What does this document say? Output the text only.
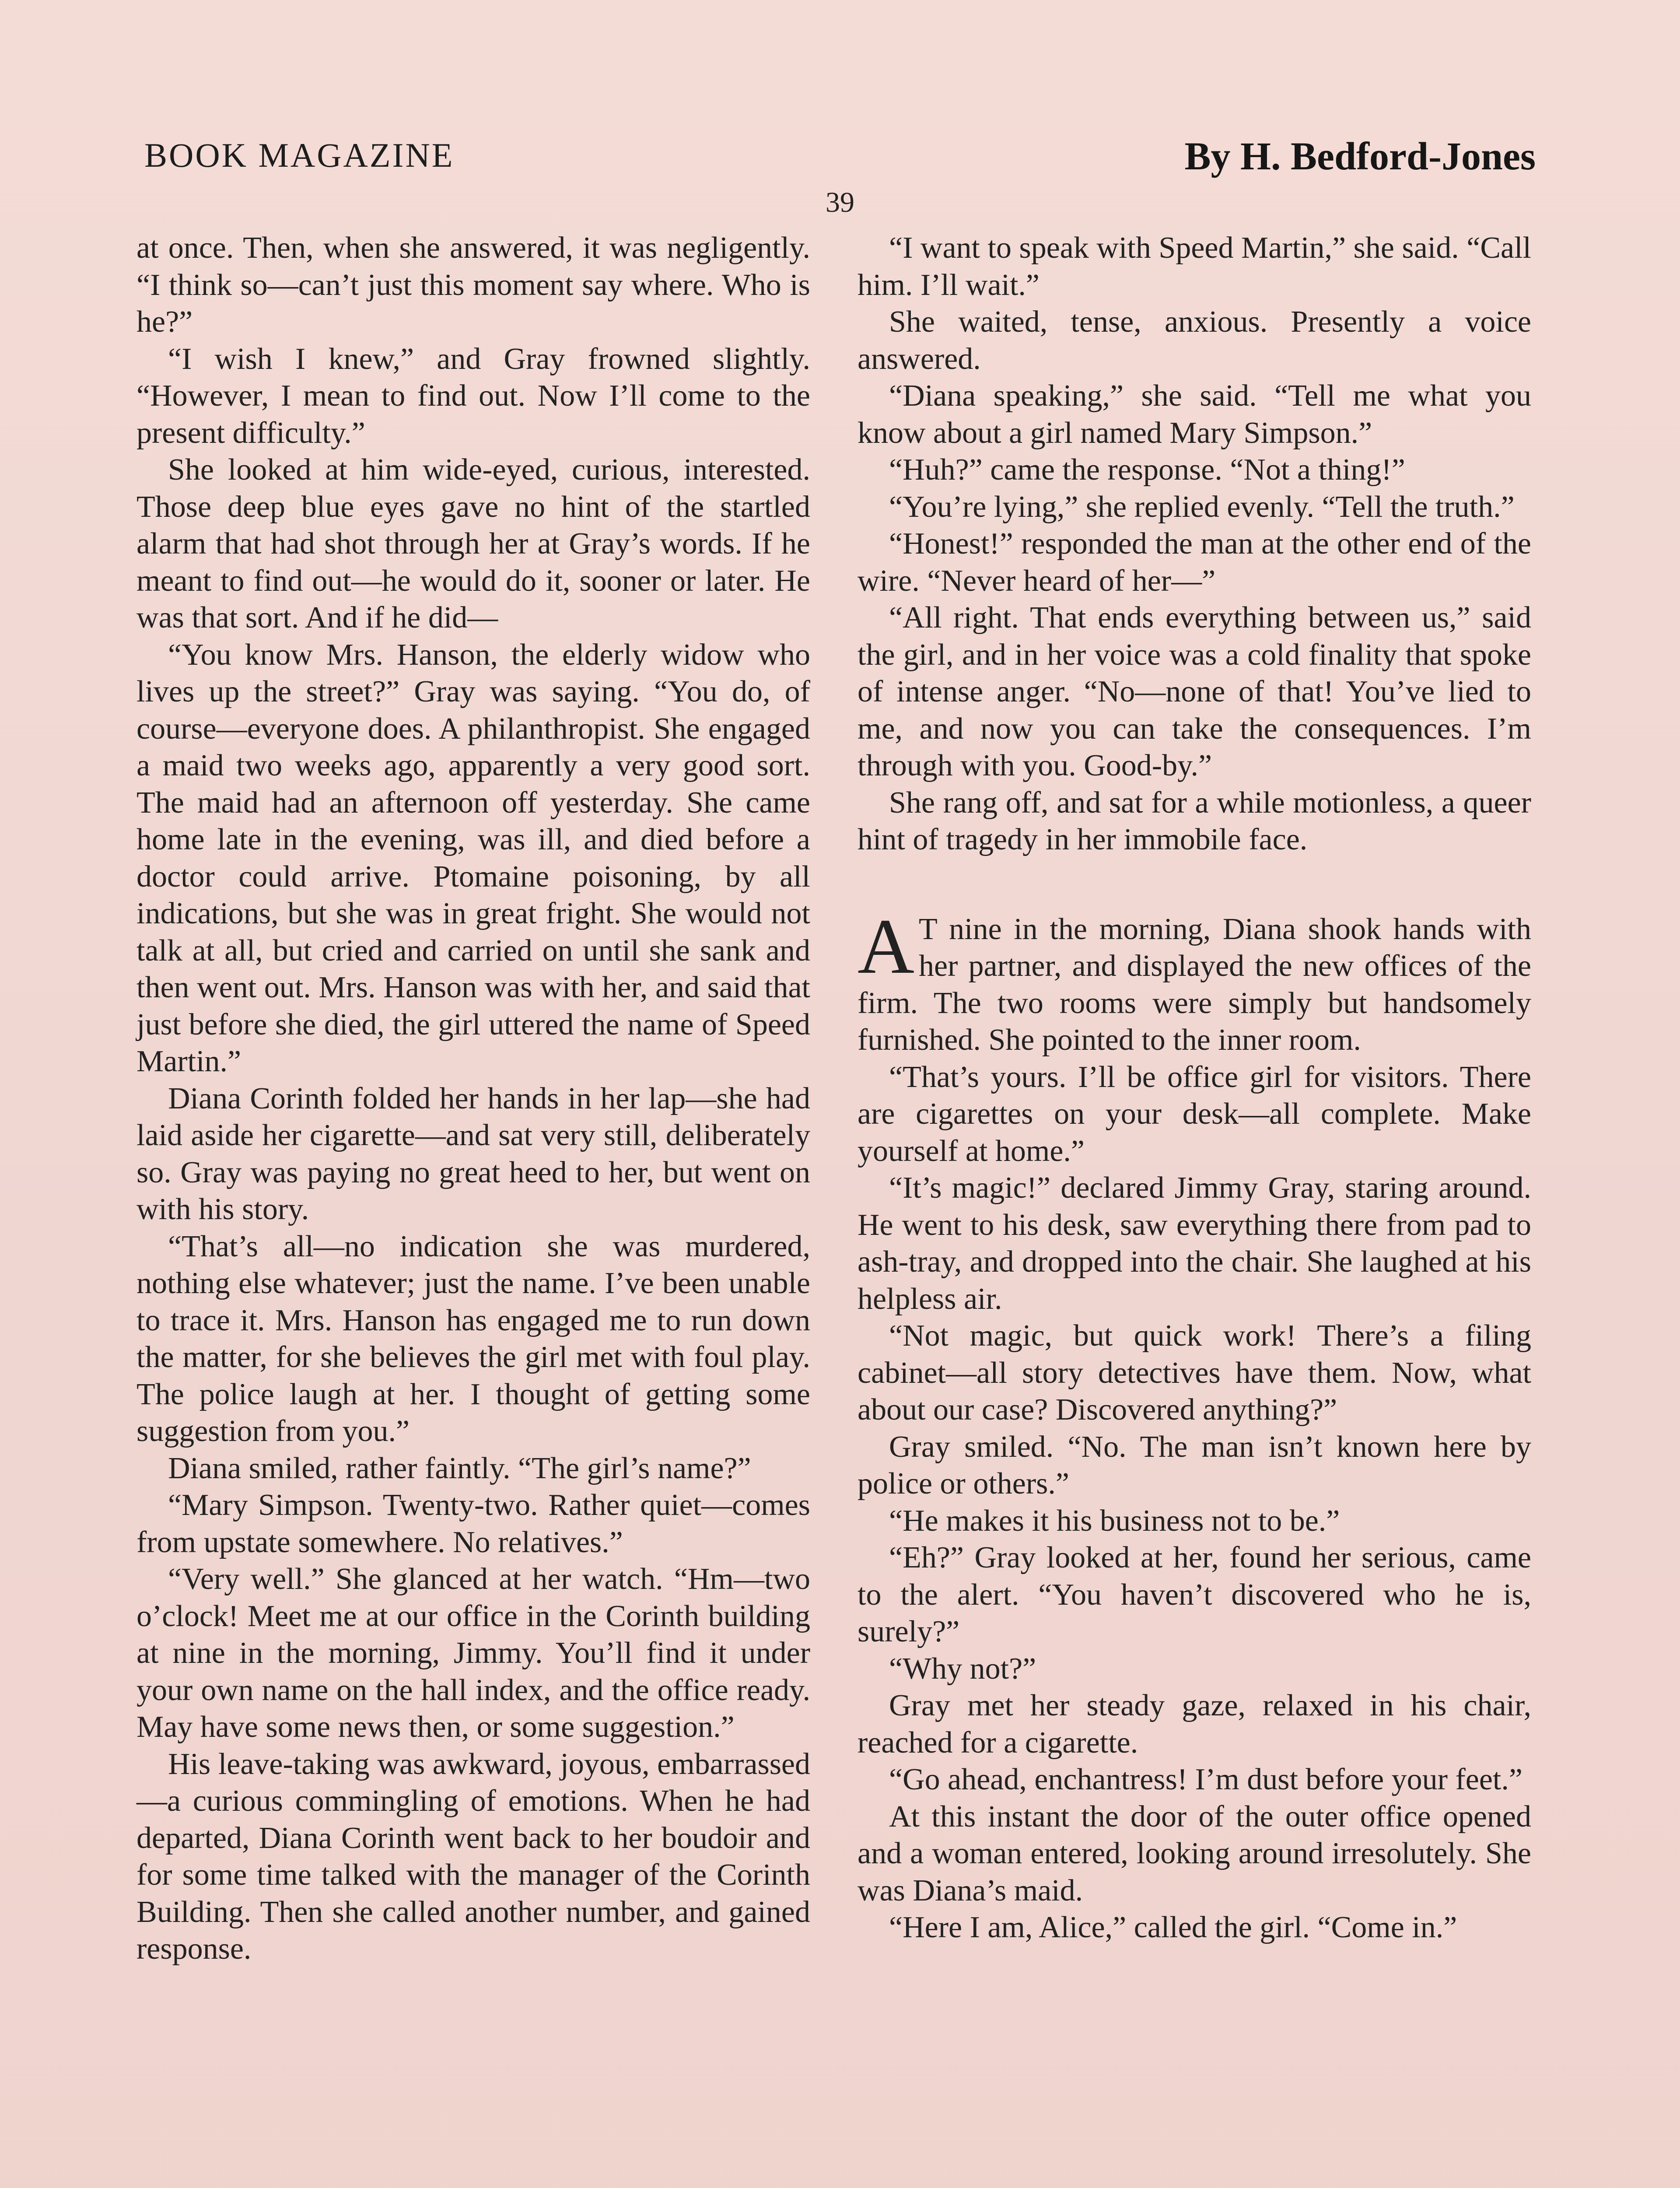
BOOK MAGAZINE	By H. Bedford-Jones
39

at once. Then, when she answered, it was negligently. “I think so—can’t just this moment say where. Who is he?”

“I wish I knew,” and Gray frowned slightly. “However, I mean to find out. Now I’ll come to the present difficulty.”

She looked at him wide-eyed, curious, interested. Those deep blue eyes gave no hint of the startled alarm that had shot through her at Gray’s words. If he meant to find out—he would do it, sooner or later. He was that sort. And if he did—

“You know Mrs. Hanson, the elderly widow who lives up the street?” Gray was saying. “You do, of course—everyone does. A philanthropist. She engaged a maid two weeks ago, apparently a very good sort. The maid had an afternoon off yesterday. She came home late in the evening, was ill, and died before a doctor could arrive. Ptomaine poisoning, by all indications, but she was in great fright. She would not talk at all, but cried and carried on until she sank and then went out. Mrs. Hanson was with her, and said that just before she died, the girl uttered the name of Speed Martin.”

Diana Corinth folded her hands in her lap—she had laid aside her cigarette—and sat very still, deliberately so. Gray was paying no great heed to her, but went on with his story.

“That’s all—no indication she was murdered, nothing else whatever; just the name. I’ve been unable to trace it. Mrs. Hanson has engaged me to run down the matter, for she believes the girl met with foul play. The police laugh at her. I thought of getting some suggestion from you.”

Diana smiled, rather faintly. “The girl’s name?”

“Mary Simpson. Twenty-two. Rather quiet—comes from upstate somewhere. No relatives.”

“Very well.” She glanced at her watch. “Hm—two o’clock! Meet me at our office in the Corinth building at nine in the morning, Jimmy. You’ll find it under your own name on the hall index, and the office ready. May have some news then, or some suggestion.”

His leave-taking was awkward, joyous, embarrassed—a curious commingling of emotions. When he had departed, Diana Corinth went back to her boudoir and for some time talked with the manager of the Corinth Building. Then she called another number, and gained response.

“I want to speak with Speed Martin,” she said. “Call him. I’ll wait.”

She waited, tense, anxious. Presently a voice answered.

“Diana speaking,” she said. “Tell me what you know about a girl named Mary Simpson.”

“Huh?” came the response. “Not a thing!”

“You’re lying,” she replied evenly. “Tell the truth.”

“Honest!” responded the man at the other end of the wire. “Never heard of her—”

“All right. That ends everything between us,” said the girl, and in her voice was a cold finality that spoke of intense anger. “No—none of that! You’ve lied to me, and now you can take the consequences. I’m through with you. Good-by.”

She rang off, and sat for a while motionless, a queer hint of tragedy in her immobile face.

A T nine in the morning, Diana shook hands with her partner, and displayed the new offices of the firm. The two rooms were simply but handsomely furnished. She pointed to the inner room.

“That’s yours. I’ll be office girl for visitors. There are cigarettes on your desk—all complete. Make yourself at home.”

“It’s magic!” declared Jimmy Gray, staring around. He went to his desk, saw everything there from pad to ash-tray, and dropped into the chair. She laughed at his helpless air.

“Not magic, but quick work! There’s a filing cabinet—all story detectives have them. Now, what about our case? Discovered anything?”

Gray smiled. “No. The man isn’t known here by police or others.”

“He makes it his business not to be.”

“Eh?” Gray looked at her, found her serious, came to the alert. “You haven’t discovered who he is, surely?”

“Why not?”

Gray met her steady gaze, relaxed in his chair, reached for a cigarette.

“Go ahead, enchantress! I’m dust before your feet.”

At this instant the door of the outer office opened and a woman entered, looking around irresolutely. She was Diana’s maid.

“Here I am, Alice,” called the girl. “Come in.”
